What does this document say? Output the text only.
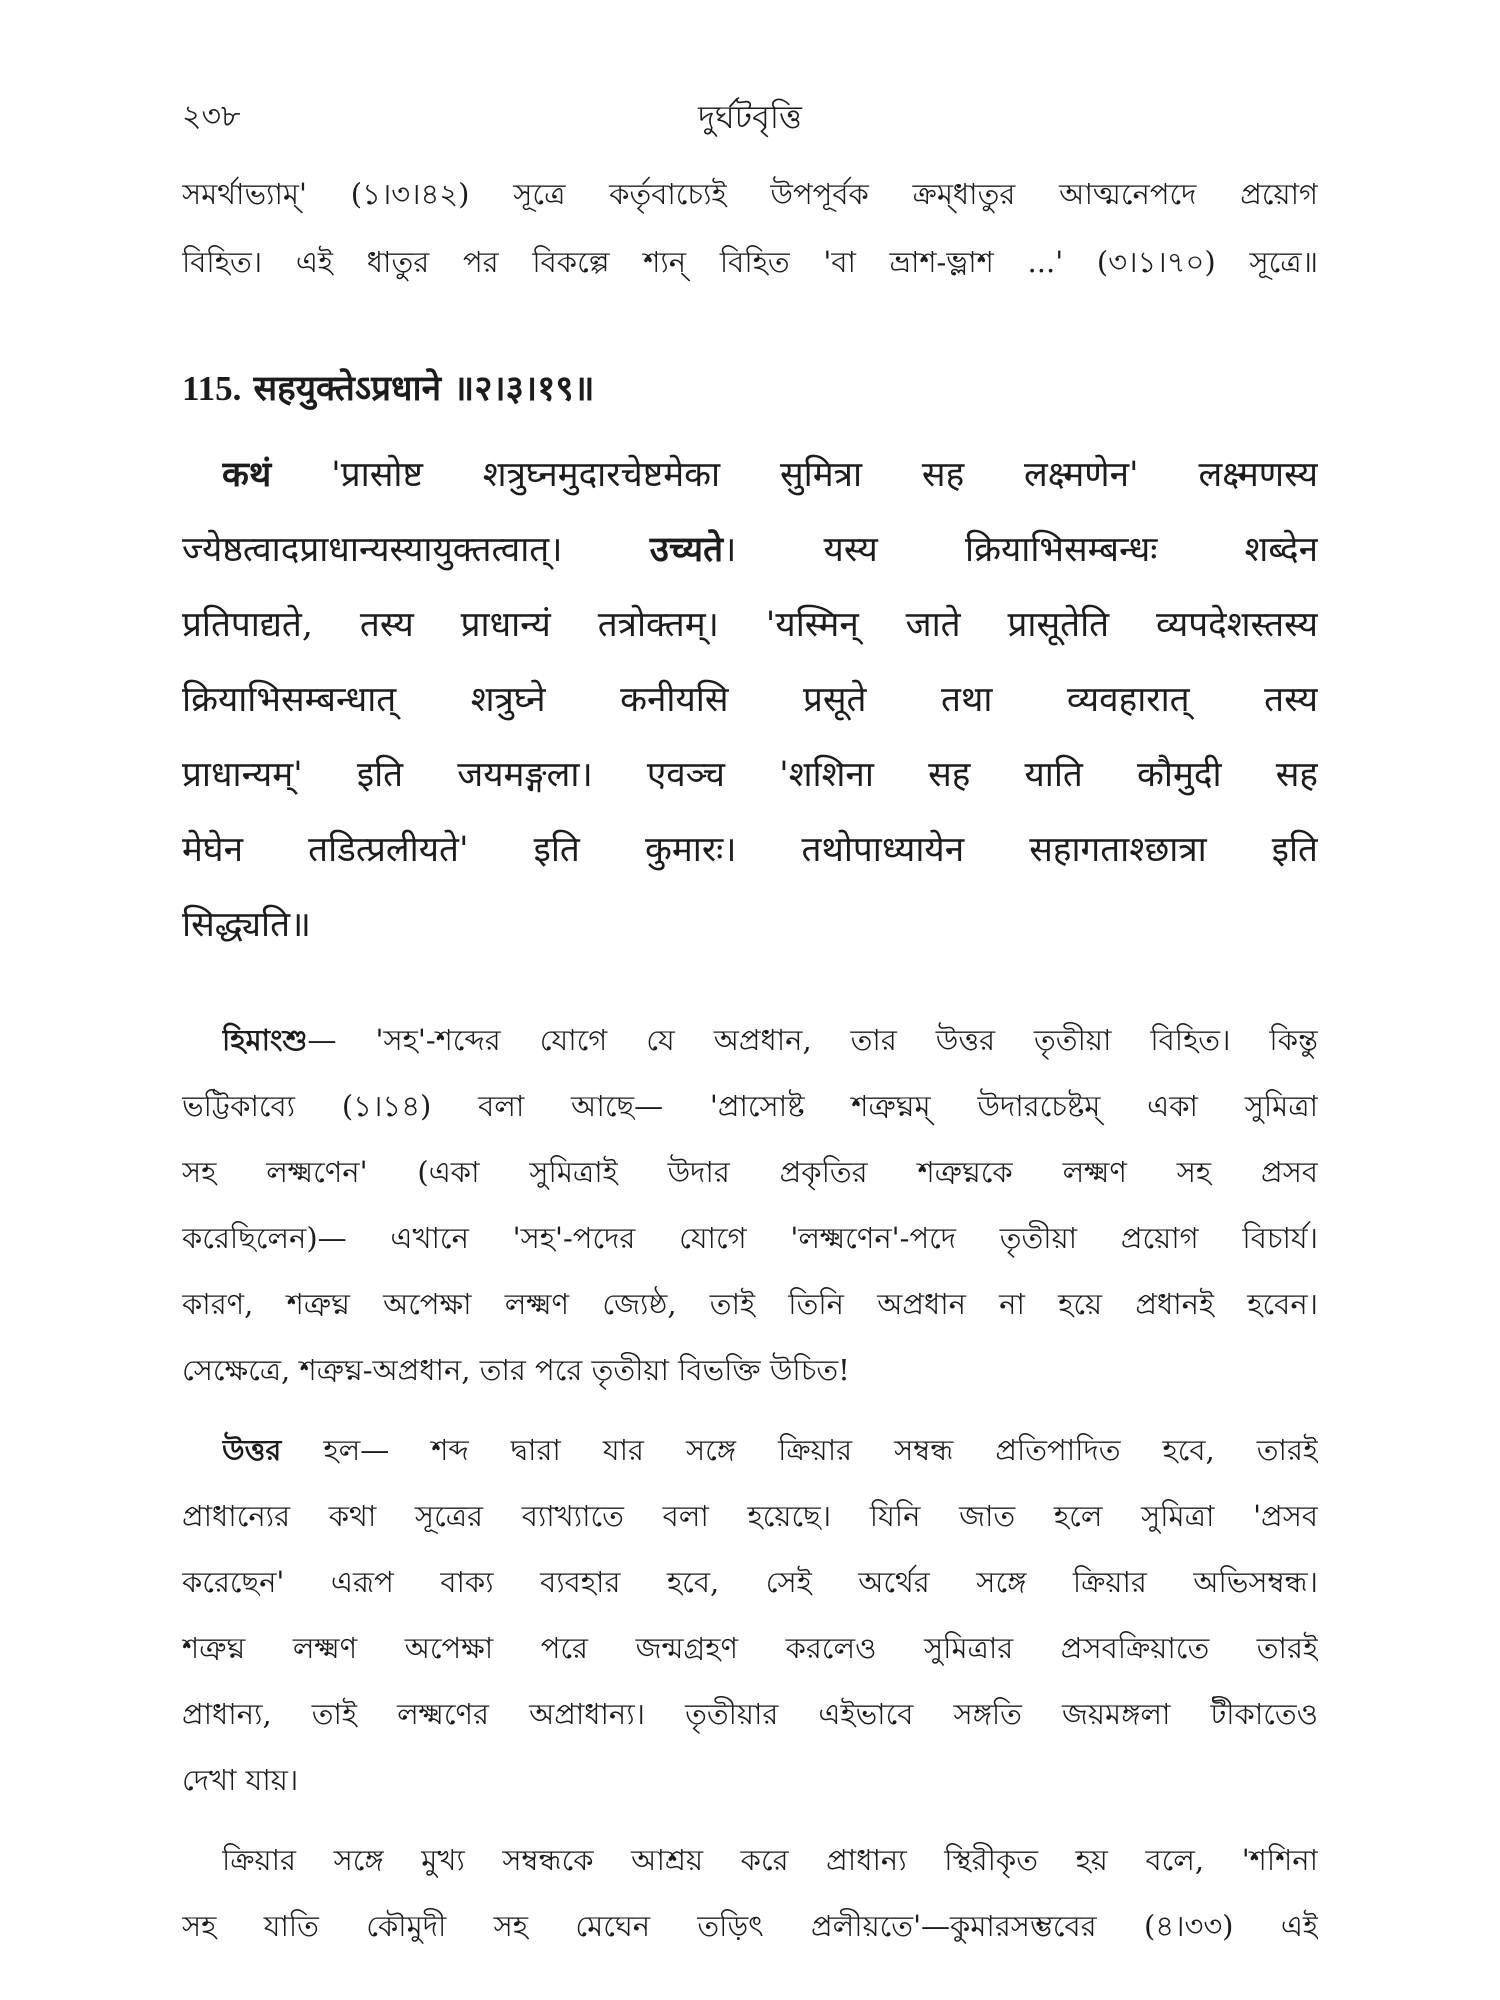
২৩৮	দুর্ঘটবৃত্তি
সমর্থাভ্যাম্' (১।৩।৪২) সূত্রে কর্তৃবাচ্যেই উপপূর্বক ক্রম্‌ধাতুর আত্মনেপদে প্রয়োগ
বিহিত। এই ধাতুর পর বিকল্পে শ্যন্ বিহিত 'বা ভ্রাশ-ভ্লাশ ...' (৩।১।৭০) সূত্রে॥
115. सहयुक्तेऽप्रधाने ॥२।३।१९॥
कथं 'प्रासोष्ट शत्रुघ्नमुदारचेष्टमेका सुमित्रा सह लक्ष्मणेन' लक्ष्मणस्य
ज्येष्ठत्वादप्राधान्यस्यायुक्तत्वात्। उच्यते। यस्य क्रियाभिसम्बन्धः शब्देन
प्रतिपाद्यते, तस्य प्राधान्यं तत्रोक्तम्। 'यस्मिन् जाते प्रासूतेति व्यपदेशस्तस्य
क्रियाभिसम्बन्धात् शत्रुघ्ने कनीयसि प्रसूते तथा व्यवहारात् तस्य
प्राधान्यम्' इति जयमङ्गला। एवञ्च 'शशिना सह याति कौमुदी सह
मेघेन तडित्प्रलीयते' इति कुमारः। तथोपाध्यायेन सहागताश्छात्रा इति
सिद्ध्यति॥
হিমাংশু— 'সহ'-শব্দের যোগে যে অপ্রধান, তার উত্তর তৃতীয়া বিহিত। কিন্তু
ভট্টিকাব্যে (১।১৪) বলা আছে— 'প্রাসোষ্ট শত্রুঘ্নম্ উদারচেষ্টম্ একা সুমিত্রা
সহ লক্ষ্মণেন' (একা সুমিত্রাই উদার প্রকৃতির শত্রুঘ্নকে লক্ষ্মণ সহ প্রসব
করেছিলেন)— এখানে 'সহ'-পদের যোগে 'লক্ষ্মণেন'-পদে তৃতীয়া প্রয়োগ বিচার্য।
কারণ, শত্রুঘ্ন অপেক্ষা লক্ষ্মণ জ্যেষ্ঠ, তাই তিনি অপ্রধান না হয়ে প্রধানই হবেন।
সেক্ষেত্রে, শত্রুঘ্ন-অপ্রধান, তার পরে তৃতীয়া বিভক্তি উচিত!
উত্তর হল— শব্দ দ্বারা যার সঙ্গে ক্রিয়ার সম্বন্ধ প্রতিপাদিত হবে, তারই
প্রাধান্যের কথা সূত্রের ব্যাখ্যাতে বলা হয়েছে। যিনি জাত হলে সুমিত্রা 'প্রসব
করেছেন' এরূপ বাক্য ব্যবহার হবে, সেই অর্থের সঙ্গে ক্রিয়ার অভিসম্বন্ধ।
শত্রুঘ্ন লক্ষ্মণ অপেক্ষা পরে জন্মগ্রহণ করলেও সুমিত্রার প্রসবক্রিয়াতে তারই
প্রাধান্য, তাই লক্ষ্মণের অপ্রাধান্য। তৃতীয়ার এইভাবে সঙ্গতি জয়মঙ্গলা টীকাতেও
দেখা যায়।
ক্রিয়ার সঙ্গে মুখ্য সম্বন্ধকে আশ্রয় করে প্রাধান্য স্থিরীকৃত হয় বলে, 'শশিনা
সহ যাতি কৌমুদী সহ মেঘেন তড়িৎ প্রলীয়তে'—কুমারসম্ভবের (৪।৩৩) এই
